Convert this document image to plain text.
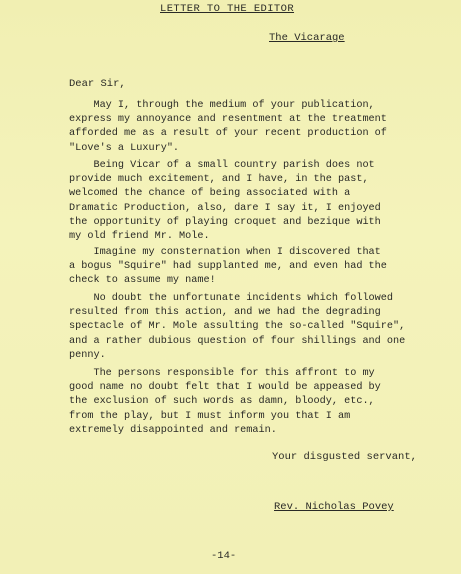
LETTER TO THE EDITOR
The Vicarage
Dear Sir,
May I, through the medium of your publication,
express my annoyance and resentment at the treatment
afforded me as a result of your recent production of
"Love's a Luxury".
Being Vicar of a small country parish does not
provide much excitement, and I have, in the past,
welcomed the chance of being associated with a
Dramatic Production, also, dare I say it, I enjoyed
the opportunity of playing croquet and bezique with
my old friend Mr. Mole.
Imagine my consternation when I discovered that
a bogus "Squire" had supplanted me, and even had the
check to assume my name!
No doubt the unfortunate incidents which followed
resulted from this action, and we had the degrading
spectacle of Mr. Mole assulting the so-called "Squire",
and a rather dubious question of four shillings and one
penny.
The persons responsible for this affront to my
good name no doubt felt that I would be appeased by
the exclusion of such words as damn, bloody, etc.,
from the play, but I must inform you that I am
extremely disappointed and remain.
Your disgusted servant,
Rev. Nicholas Povey
-14-
